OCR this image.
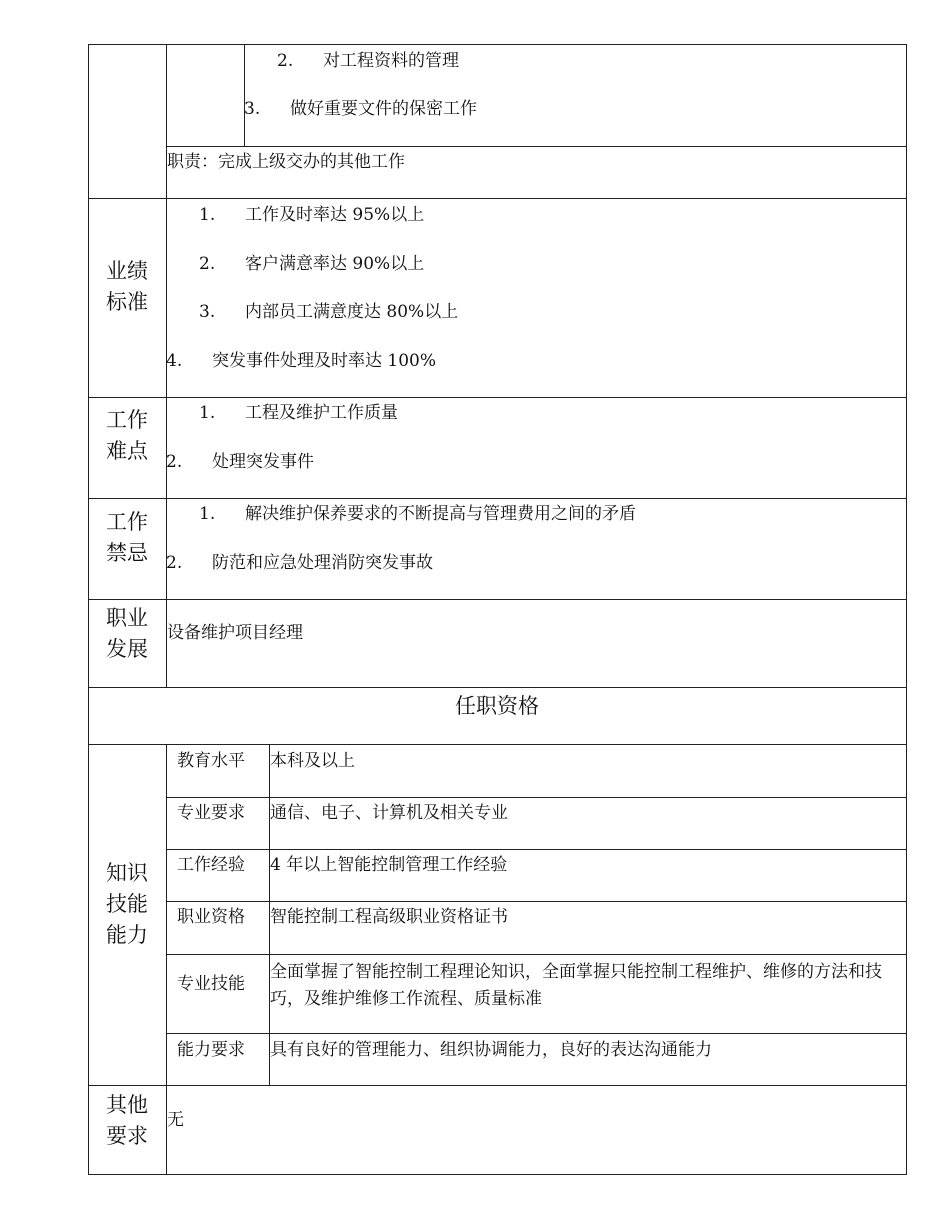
2. 对工程资料的管理
3. 做好重要文件的保密工作
职责：完成上级交办的其他工作
业绩
标准
1. 工作及时率达 95%以上
2. 客户满意率达 90%以上
3. 内部员工满意度达 80%以上
4. 突发事件处理及时率达 100%
工作
难点
1. 工程及维护工作质量
2. 处理突发事件
工作
禁忌
1. 解决维护保养要求的不断提高与管理费用之间的矛盾
2. 防范和应急处理消防突发事故
职业
发展
设备维护项目经理
任职资格
知识
技能
能力
教育水平
专业要求
工作经验
职业资格
专业技能
能力要求
本科及以上
通信、电子、计算机及相关专业
4 年以上智能控制管理工作经验
智能控制工程高级职业资格证书
全面掌握了智能控制工程理论知识，全面掌握只能控制工程维护、维修的方法和技巧，及维护维修工作流程、质量标准
具有良好的管理能力、组织协调能力，良好的表达沟通能力
其他
要求
无
